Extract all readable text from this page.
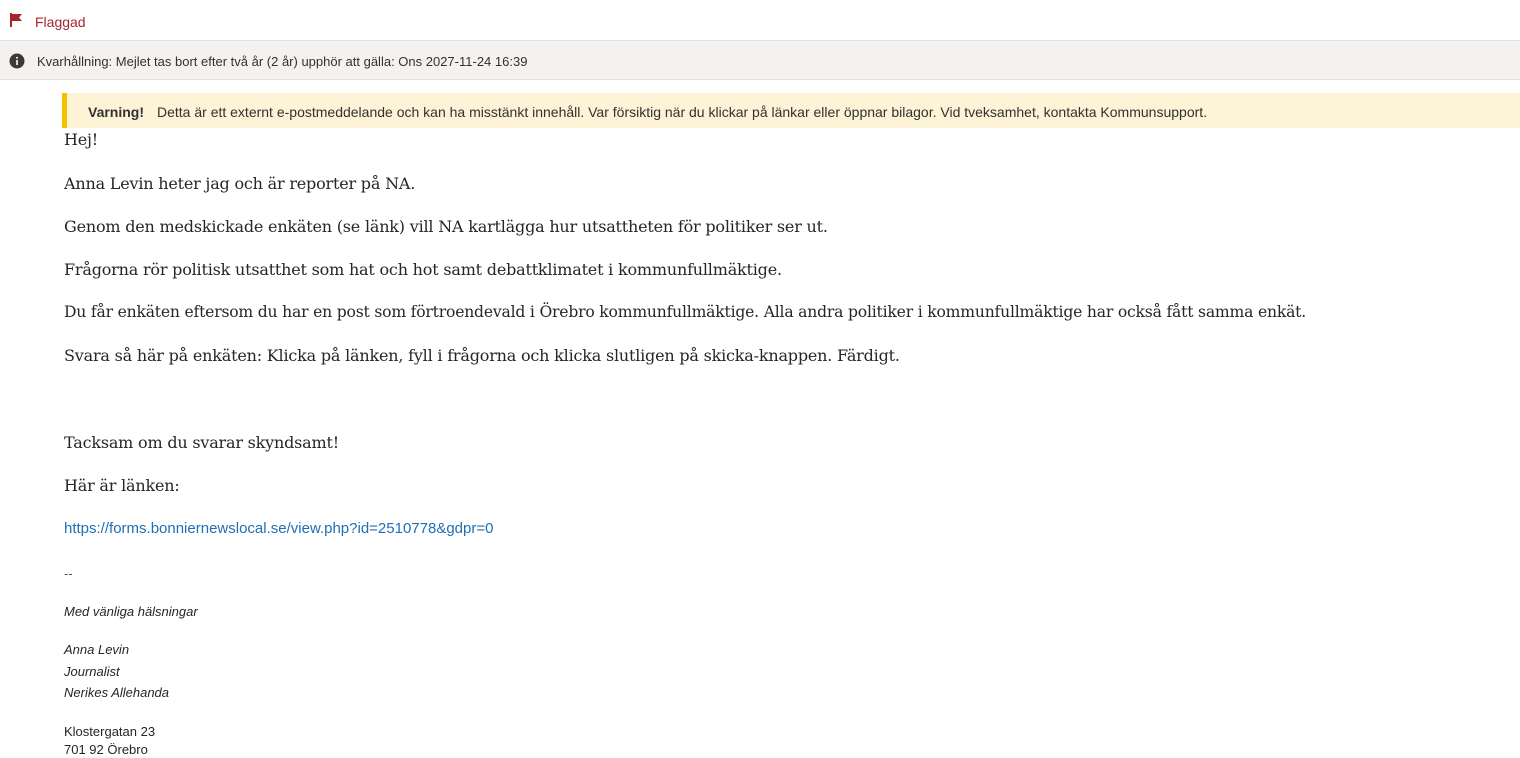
Flaggad
Kvarhållning: Mejlet tas bort efter två år (2 år) upphör att gälla: Ons 2027-11-24 16:39
Varning! Detta är ett externt e-postmeddelande och kan ha misstänkt innehåll. Var försiktig när du klickar på länkar eller öppnar bilagor. Vid tveksamhet, kontakta Kommunsupport.
Hej!
Anna Levin heter jag och är reporter på NA.
Genom den medskickade enkäten (se länk) vill NA kartlägga hur utsattheten för politiker ser ut.
Frågorna rör politisk utsatthet som hat och hot samt debattklimatet i kommunfullmäktige.
Du får enkäten eftersom du har en post som förtroendevald i Örebro kommunfullmäktige. Alla andra politiker i kommunfullmäktige har också fått samma enkät.
Svara så här på enkäten: Klicka på länken, fyll i frågorna och klicka slutligen på skicka-knappen. Färdigt.
Tacksam om du svarar skyndsamt!
Här är länken:
https://forms.bonniernewslocal.se/view.php?id=2510778&gdpr=0
--
Med vänliga hälsningar
Anna Levin
Journalist
Nerikes Allehanda
Klostergatan 23
701 92 Örebro
